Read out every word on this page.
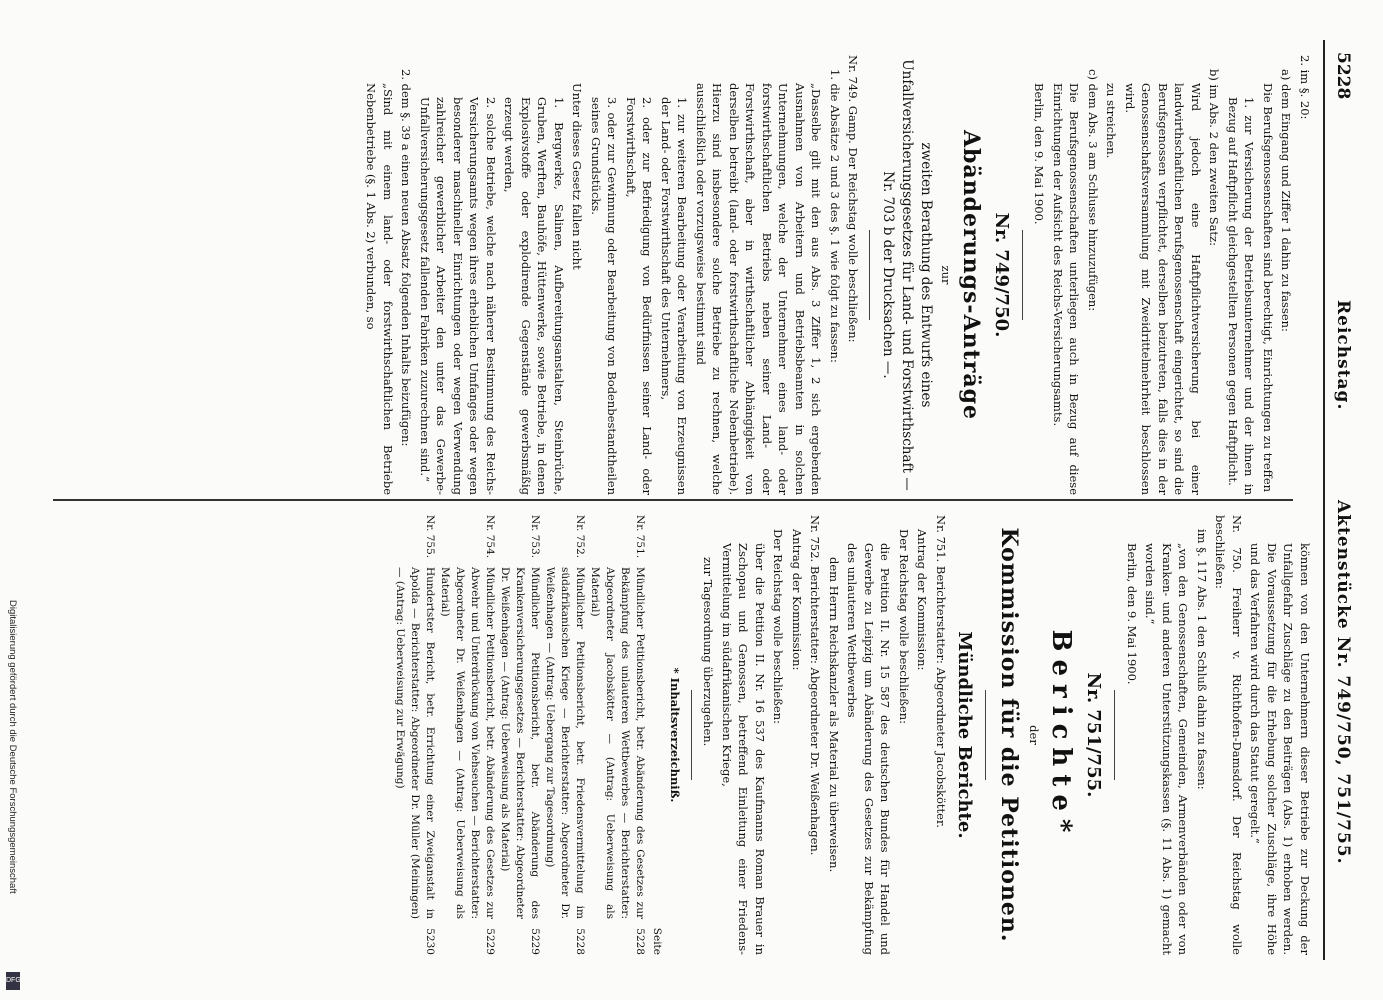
5228
Reichstag.
Aktenstücke Nr. 749/750, 751/755.

2. im §. 20:

a) dem Eingang und Ziffer 1 dahin zu fassen:

Die Berufsgenossenschaften sind berechtigt, Einrichtungen zu treffen

1. zur Versicherung der Betriebsunternehmer und der ihnen in Bezug auf Haftpflicht gleichgestellten Personen gegen Haftpflicht.

b) im Abs. 2 den zweiten Satz:

Wird jedoch eine Haftpflichtversicherung bei einer landwirthschaftlichen Berufsgenossenschaft eingerichtet, so sind die Berufsgenossen verpflichtet, derselben beizutreten, falls dies in der Genossenschaftsversammlung mit Zweidrittelmehrheit beschlossen wird.

zu streichen.

c) dem Abs. 3 am Schlusse hinzuzufügen:

Die Berufsgenossenschaften unterliegen auch in Bezug auf diese Einrichtungen der Aufsicht des Reichs-Versicherungsamts.

Berlin, den 9. Mai 1900.

Nr. 749/750.

Abänderungs-Anträge

zur

zweiten Berathung des Entwurfs eines Unfallversicherungsgesetzes für Land- und Forstwirthschaft — Nr. 703 b der Drucksachen —.

Nr. 749. Gamp. Der Reichstag wolle beschließen:

1. die Absätze 2 und 3 des §. 1 wie folgt zu fassen:

„Dasselbe gilt mit den aus Abs. 3 Ziffer 1, 2 sich ergebenden Ausnahmen von Arbeitern und Betriebsbeamten in solchen Unternehmungen, welche der Unternehmer eines land- oder forstwirthschaftlichen Betriebs neben seiner Land- oder Forstwirthschaft, aber in wirthschaftlicher Abhängigkeit von derselben betreibt (land- oder forstwirthschaftliche Nebenbetriebe). Hierzu sind insbesondere solche Betriebe zu rechnen, welche ausschließlich oder vorzugsweise bestimmt sind

1. zur weiteren Bearbeitung oder Verarbeitung von Erzeugnissen der Land- oder Forstwirthschaft des Unternehmers,

2. oder zur Befriedigung von Bedürfnissen seiner Land- oder Forstwirthschaft,

3. oder zur Gewinnung oder Bearbeitung von Bodenbestandtheilen seines Grundstücks.

Unter dieses Gesetz fallen nicht

1. Bergwerke, Salinen, Aufbereitungsanstalten, Steinbrüche, Gruben, Werften, Bauhöfe, Hüttenwerke, sowie Betriebe, in denen Explosivstoffe oder explodirende Gegenstände gewerbsmäßig erzeugt werden,

2. solche Betriebe, welche nach näherer Bestimmung des Reichs-Versicherungsamts wegen ihres erheblichen Umfanges oder wegen besonderer maschineller Einrichtungen oder wegen Verwendung zahlreicher gewerblicher Arbeiter den unter das Gewerbe-Unfallversicherungsgesetz fallenden Fabriken zuzurechnen sind.“

2. dem §. 39 a einen neuen Absatz folgenden Inhalts beizufügen:

„Sind mit einem land- oder forstwirthschaftlichen Betriebe Nebenbetriebe (§. 1 Abs. 2) verbunden, so

können von den Unternehmern dieser Betriebe zur Deckung der Unfallgefahr Zuschläge zu den Beiträgen (Abs. 1) erhoben werden. Die Voraussetzung für die Erhebung solcher Zuschläge, ihre Höhe und das Verfahren wird durch das Statut geregelt.“

Nr. 750. Freiherr v. Richthofen-Damsdorf. Der Reichstag wolle beschließen:

im §. 117 Abs. 1 den Schluß dahin zu fassen:

„von den Genossenschaften, Gemeinden, Armenverbänden oder von Kranken- und anderen Unterstützungskassen (§. 11 Abs. 1) gemacht worden sind.“

Berlin, den 9. Mai 1900.

Nr. 751/755.

Berichte*

der

Kommission für die Petitionen.

Mündliche Berichte.

Nr. 751. Berichterstatter: Abgeordneter Jacobskötter.

Antrag der Kommission:

Der Reichstag wolle beschließen:

die Petition II. Nr. 15 587 des deutschen Bundes für Handel und Gewerbe zu Leipzig um Abänderung des Gesetzes zur Bekämpfung des unlauteren Wettbewerbes

dem Herrn Reichskanzler als Material zu überweisen.

Nr. 752. Berichterstatter: Abgeordneter Dr. Weißenhagen.

Antrag der Kommission:

Der Reichstag wolle beschließen:

über die Petition II. Nr. 16 537 des Kaufmanns Roman Brauer in Zschopau und Genossen, betreffend Einleitung einer Friedens-Vermittelung im südafrikanischen Kriege,

zur Tagesordnung überzugehen.

* Inhaltsverzeichniß.

Seite

Nr. 751.
Mündlicher Petitionsbericht, betr. Abänderung des Gesetzes zur Bekämpfung des unlauteren Wettbewerbes — Berichterstatter: Abgeordneter Jacobskötter — (Antrag: Ueberweisung als Material)
5228
Nr. 752.
Mündlicher Petitionsbericht, betr. Friedensvermittelung im südafrikanischen Kriege — Berichterstatter: Abgeordneter Dr. Weißenhagen — (Antrag: Uebergang zur Tagesordnung)
5228
Nr. 753.
Mündlicher Petitionsbericht, betr. Abänderung des Krankenversicherungsgesetzes — Berichterstatter: Abgeordneter Dr. Weißenhagen — (Antrag: Ueberweisung als Material)
5229
Nr. 754.
Mündlicher Petitionsbericht, betr. Abänderung des Gesetzes zur Abwehr und Unterdrückung von Viehseuchen — Berichterstatter: Abgeordneter Dr. Weißenhagen — (Antrag: Ueberweisung als Material)
5229
Nr. 755.
Hundertster Bericht, betr. Errichtung einer Zweiganstalt in Apolda — Berichterstatter: Abgeordneter Dr. Müller (Meiningen) — (Antrag: Ueberweisung zur Erwägung)
5230
Digitalisierung gefördert durch die Deutsche Forschungsgemeinschaft
DFG
